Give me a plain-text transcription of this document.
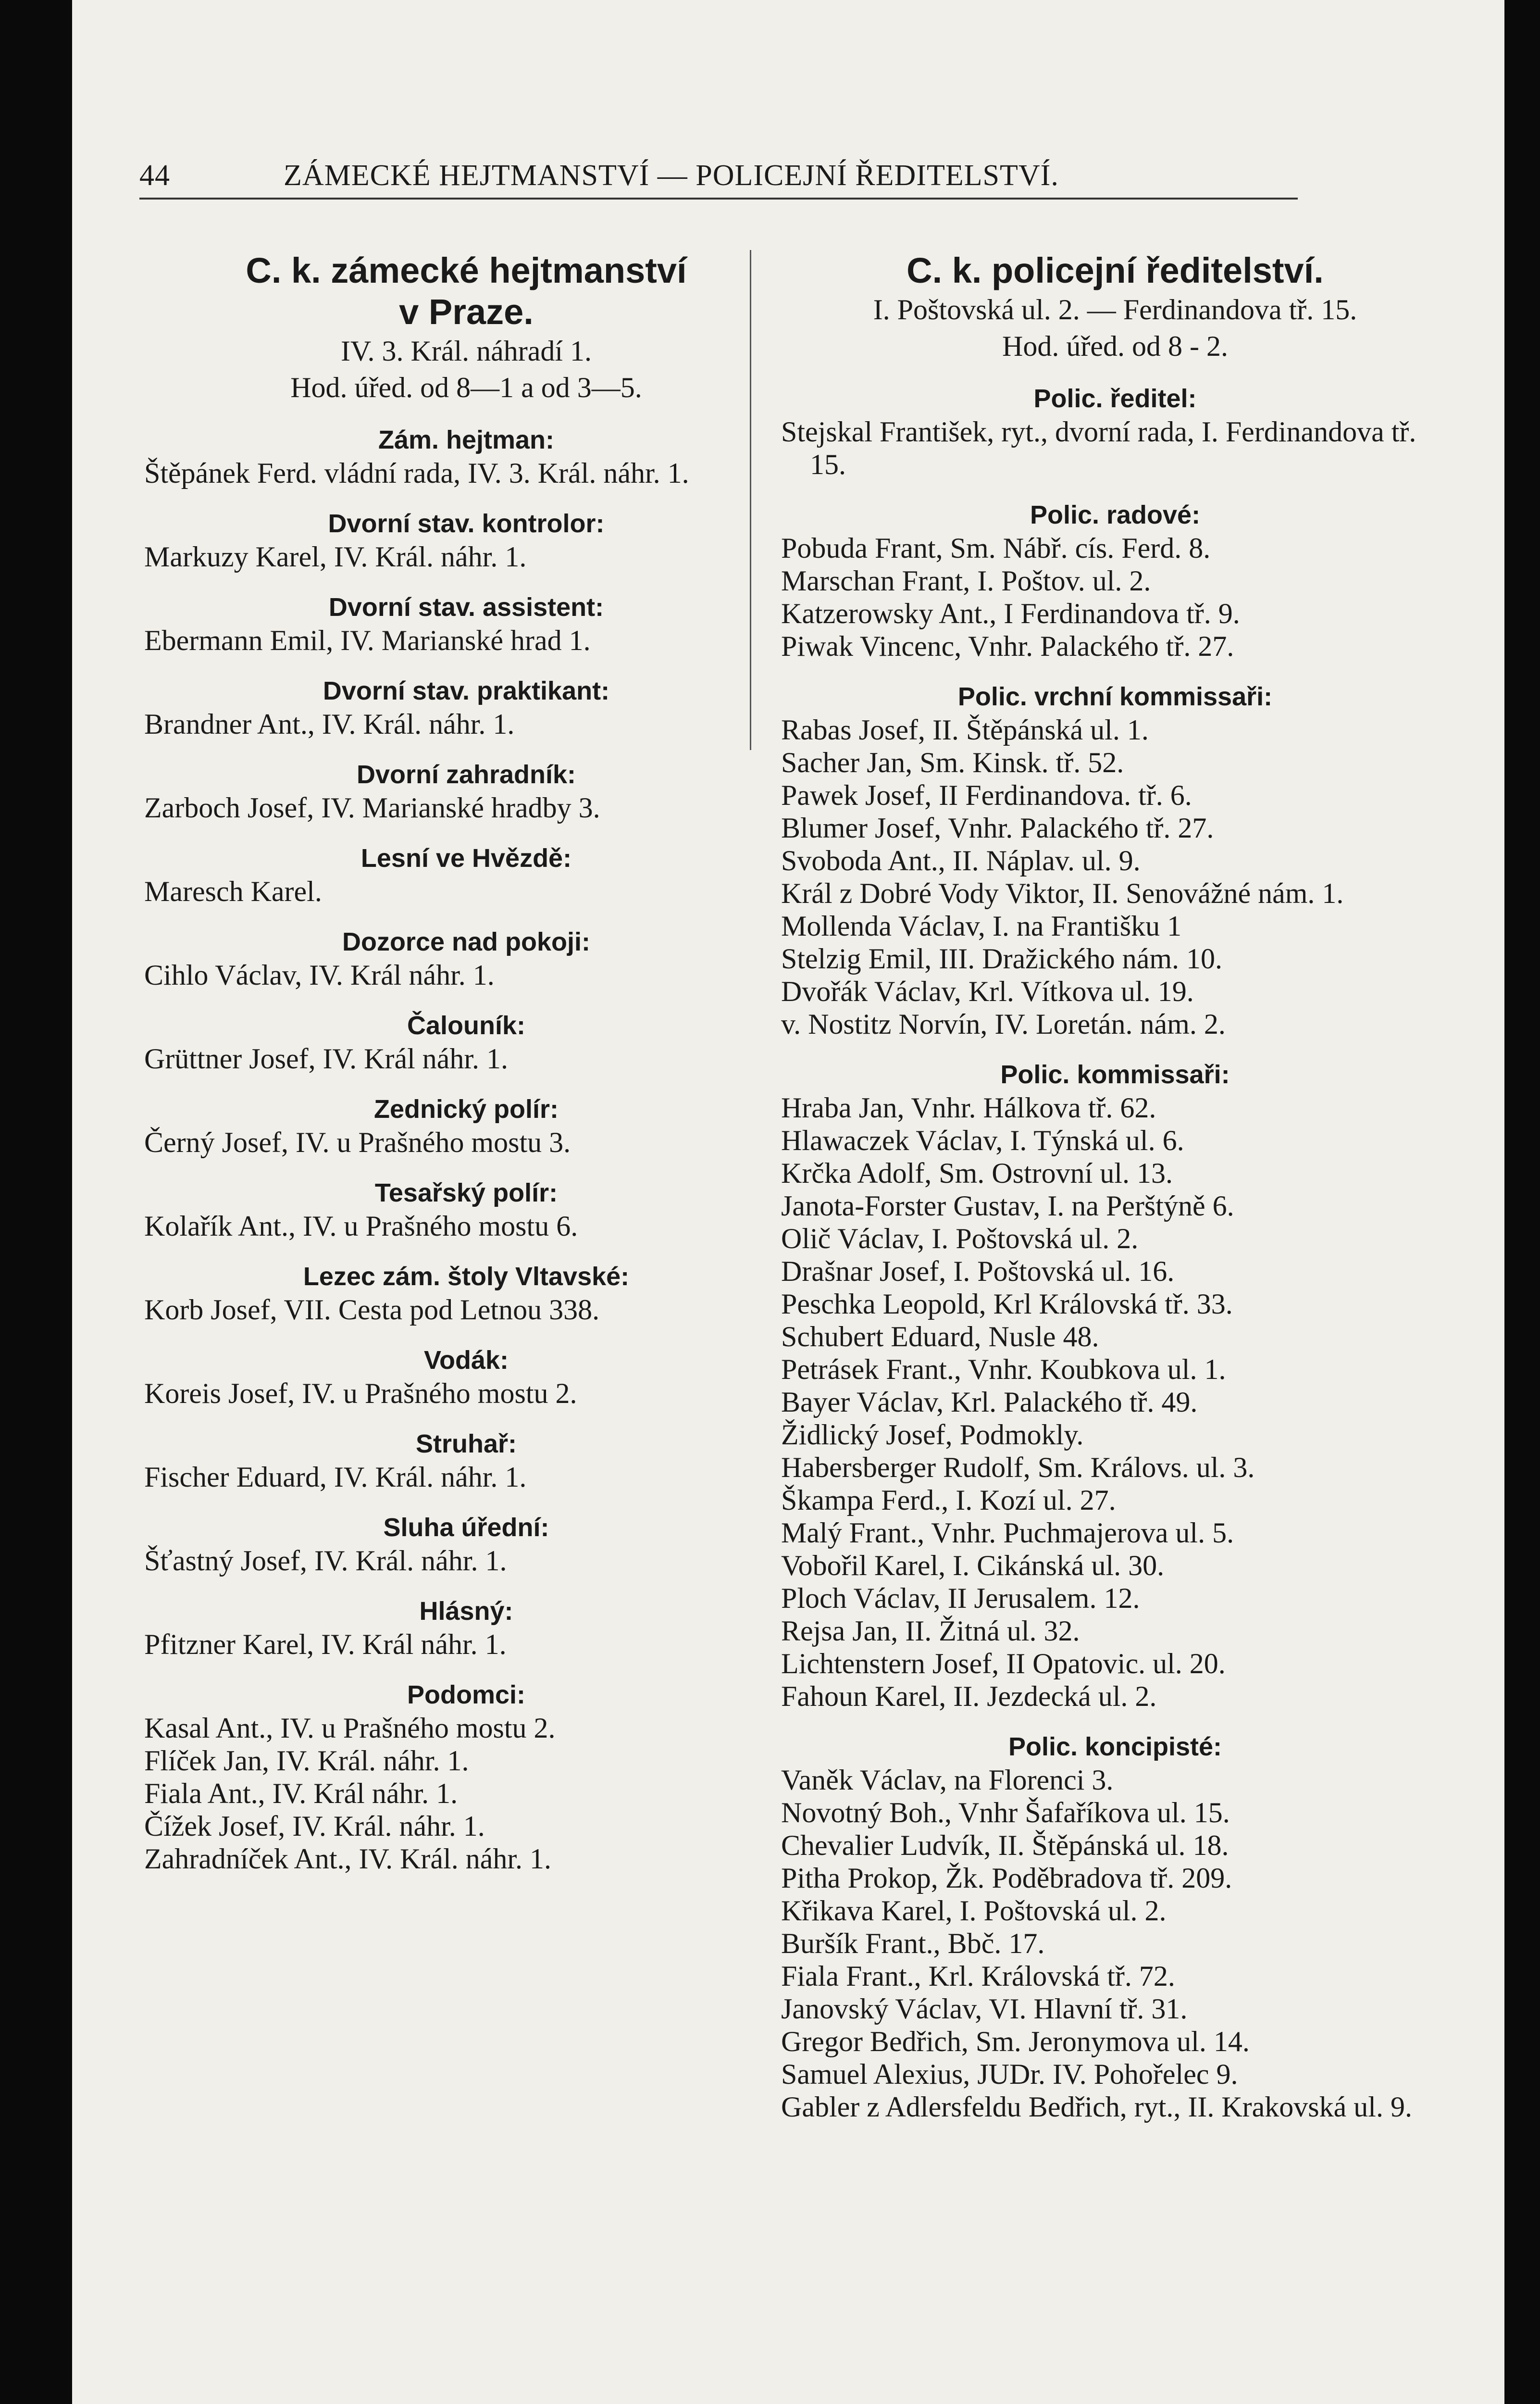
44	ZÁMECKÉ HEJTMANSTVÍ — POLICEJNÍ ŘEDITELSTVÍ.
C. k. zámecké hejtmanství
v Praze.
IV. 3. Král. náhradí 1.
Hod. úřed. od 8—1 a od 3—5.
Zám. hejtman:
Štěpánek Ferd. vládní rada, IV. 3. Král. náhr. 1.
Dvorní stav. kontrolor:
Markuzy Karel, IV. Král. náhr. 1.
Dvorní stav. assistent:
Ebermann Emil, IV. Marianské hrad 1.
Dvorní stav. praktikant:
Brandner Ant., IV. Král. náhr. 1.
Dvorní zahradník:
Zarboch Josef, IV. Marianské hradby 3.
Lesní ve Hvězdě:
Maresch Karel.
Dozorce nad pokoji:
Cihlo Václav, IV. Král náhr. 1.
Čalouník:
Grüttner Josef, IV. Král náhr. 1.
Zednický polír:
Černý Josef, IV. u Prašného mostu 3.
Tesařský polír:
Kolařík Ant., IV. u Prašného mostu 6.
Lezec zám. štoly Vltavské:
Korb Josef, VII. Cesta pod Letnou 338.
Vodák:
Koreis Josef, IV. u Prašného mostu 2.
Struhař:
Fischer Eduard, IV. Král. náhr. 1.
Sluha úřední:
Šťastný Josef, IV. Král. náhr. 1.
Hlásný:
Pfitzner Karel, IV. Král náhr. 1.
Podomci:
Kasal Ant., IV. u Prašného mostu 2.
Flíček Jan, IV. Král. náhr. 1.
Fiala Ant., IV. Král náhr. 1.
Čížek Josef, IV. Král. náhr. 1.
Zahradníček Ant., IV. Král. náhr. 1.
C. k. policejní ředitelství.
I. Poštovská ul. 2. — Ferdinandova tř. 15.
Hod. úřed. od 8 - 2.
Polic. ředitel:
Stejskal František, ryt., dvorní rada, I. Ferdinandova tř. 15.
Polic. radové:
Pobuda Frant, Sm. Nábř. cís. Ferd. 8.
Marschan Frant, I. Poštov. ul. 2.
Katzerowsky Ant., I Ferdinandova tř. 9.
Piwak Vincenc, Vnhr. Palackého tř. 27.
Polic. vrchní kommissaři:
Rabas Josef, II. Štěpánská ul. 1.
Sacher Jan, Sm. Kinsk. tř. 52.
Pawek Josef, II Ferdinandova. tř. 6.
Blumer Josef, Vnhr. Palackého tř. 27.
Svoboda Ant., II. Náplav. ul. 9.
Král z Dobré Vody Viktor, II. Senovážné nám. 1.
Mollenda Václav, I. na Františku 1
Stelzig Emil, III. Dražického nám. 10.
Dvořák Václav, Krl. Vítkova ul. 19.
v. Nostitz Norvín, IV. Loretán. nám. 2.
Polic. kommissaři:
Hraba Jan, Vnhr. Hálkova tř. 62.
Hlawaczek Václav, I. Týnská ul. 6.
Krčka Adolf, Sm. Ostrovní ul. 13.
Janota-Forster Gustav, I. na Perštýně 6.
Olič Václav, I. Poštovská ul. 2.
Drašnar Josef, I. Poštovská ul. 16.
Peschka Leopold, Krl Královská tř. 33.
Schubert Eduard, Nusle 48.
Petrásek Frant., Vnhr. Koubkova ul. 1.
Bayer Václav, Krl. Palackého tř. 49.
Židlický Josef, Podmokly.
Habersberger Rudolf, Sm. Královs. ul. 3.
Škampa Ferd., I. Kozí ul. 27.
Malý Frant., Vnhr. Puchmajerova ul. 5.
Vobořil Karel, I. Cikánská ul. 30.
Ploch Václav, II Jerusalem. 12.
Rejsa Jan, II. Žitná ul. 32.
Lichtenstern Josef, II Opatovic. ul. 20.
Fahoun Karel, II. Jezdecká ul. 2.
Polic. koncipisté:
Vaněk Václav, na Florenci 3.
Novotný Boh., Vnhr Šafaříkova ul. 15.
Chevalier Ludvík, II. Štěpánská ul. 18.
Pitha Prokop, Žk. Poděbradova tř. 209.
Křikava Karel, I. Poštovská ul. 2.
Buršík Frant., Bbč. 17.
Fiala Frant., Krl. Královská tř. 72.
Janovský Václav, VI. Hlavní tř. 31.
Gregor Bedřich, Sm. Jeronymova ul. 14.
Samuel Alexius, JUDr. IV. Pohořelec 9.
Gabler z Adlersfeldu Bedřich, ryt., II. Krakovská ul. 9.
